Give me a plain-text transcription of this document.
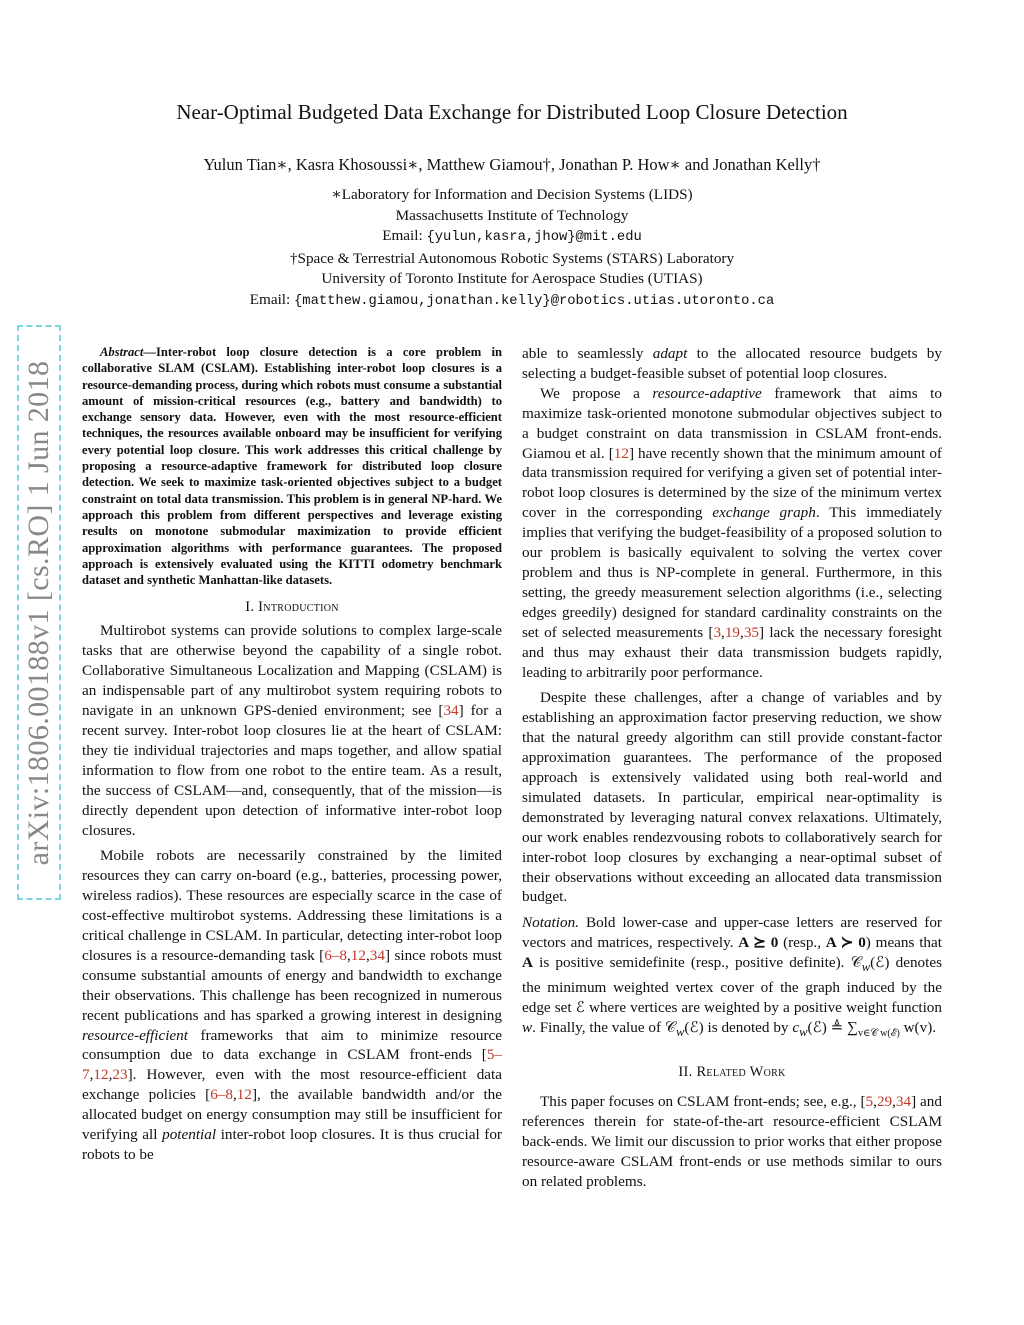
Near-Optimal Budgeted Data Exchange for Distributed Loop Closure Detection
Yulun Tian∗, Kasra Khosoussi∗, Matthew Giamou†, Jonathan P. How∗ and Jonathan Kelly†
∗Laboratory for Information and Decision Systems (LIDS)
Massachusetts Institute of Technology
Email: {yulun,kasra,jhow}@mit.edu
†Space & Terrestrial Autonomous Robotic Systems (STARS) Laboratory
University of Toronto Institute for Aerospace Studies (UTIAS)
Email: {matthew.giamou,jonathan.kelly}@robotics.utias.utoronto.ca
arXiv:1806.00188v1 [cs.RO] 1 Jun 2018

Abstract—Inter-robot loop closure detection is a core problem in collaborative SLAM (CSLAM). Establishing inter-robot loop closures is a resource-demanding process, during which robots must consume a substantial amount of mission-critical resources (e.g., battery and bandwidth) to exchange sensory data. However, even with the most resource-efficient techniques, the resources available onboard may be insufficient for verifying every potential loop closure. This work addresses this critical challenge by proposing a resource-adaptive framework for distributed loop closure detection. We seek to maximize task-oriented objectives subject to a budget constraint on total data transmission. This problem is in general NP-hard. We approach this problem from different perspectives and leverage existing results on monotone submodular maximization to provide efficient approximation algorithms with performance guarantees. The proposed approach is extensively evaluated using the KITTI odometry benchmark dataset and synthetic Manhattan-like datasets.

I. Introduction

Multirobot systems can provide solutions to complex large-scale tasks that are otherwise beyond the capability of a single robot. Collaborative Simultaneous Localization and Mapping (CSLAM) is an indispensable part of any multirobot system requiring robots to navigate in an unknown GPS-denied environment; see [34] for a recent survey. Inter-robot loop closures lie at the heart of CSLAM: they tie individual trajectories and maps together, and allow spatial information to flow from one robot to the entire team. As a result, the success of CSLAM—and, consequently, that of the mission—is directly dependent upon detection of informative inter-robot loop closures.

Mobile robots are necessarily constrained by the limited resources they can carry on-board (e.g., batteries, processing power, wireless radios). These resources are especially scarce in the case of cost-effective multirobot systems. Addressing these limitations is a critical challenge in CSLAM. In particular, detecting inter-robot loop closures is a resource-demanding task [6–8,12,34] since robots must consume substantial amounts of energy and bandwidth to exchange their observations. This challenge has been recognized in numerous recent publications and has sparked a growing interest in designing resource-efficient frameworks that aim to minimize resource consumption due to data exchange in CSLAM front-ends [5–7,12,23]. However, even with the most resource-efficient data exchange policies [6–8,12], the available bandwidth and/or the allocated budget on energy consumption may still be insufficient for verifying all potential inter-robot loop closures. It is thus crucial for robots to be

able to seamlessly adapt to the allocated resource budgets by selecting a budget-feasible subset of potential loop closures.

We propose a resource-adaptive framework that aims to maximize task-oriented monotone submodular objectives subject to a budget constraint on data transmission in CSLAM front-ends. Giamou et al. [12] have recently shown that the minimum amount of data transmission required for verifying a given set of potential inter-robot loop closures is determined by the size of the minimum vertex cover in the corresponding exchange graph. This immediately implies that verifying the budget-feasibility of a proposed solution to our problem is basically equivalent to solving the vertex cover problem and thus is NP-complete in general. Furthermore, in this setting, the greedy measurement selection algorithms (i.e., selecting edges greedily) designed for standard cardinality constraints on the set of selected measurements [3,19,35] lack the necessary foresight and thus may exhaust their data transmission budgets rapidly, leading to arbitrarily poor performance.

Despite these challenges, after a change of variables and by establishing an approximation factor preserving reduction, we show that the natural greedy algorithm can still provide constant-factor approximation guarantees. The performance of the proposed approach is extensively validated using both real-world and simulated datasets. In particular, empirical near-optimality is demonstrated by leveraging natural convex relaxations. Ultimately, our work enables rendezvousing robots to collaboratively search for inter-robot loop closures by exchanging a near-optimal subset of their observations without exceeding an allocated data transmission budget.

Notation. Bold lower-case and upper-case letters are reserved for vectors and matrices, respectively. A ⪰ 0 (resp., A ≻ 0) means that A is positive semidefinite (resp., positive definite). 𝒞$_w$(ℰ) denotes the minimum weighted vertex cover of the graph induced by the edge set ℰ where vertices are weighted by a positive weight function w. Finally, the value of 𝒞$_w$(ℰ) is denoted by $c_w(ℰ)$ ≜ $\sum_{v\in 𝒞 w(ℰ)}$ w(v).

II. Related Work

This paper focuses on CSLAM front-ends; see, e.g., [5,29,34] and references therein for state-of-the-art resource-efficient CSLAM back-ends. We limit our discussion to prior works that either propose resource-aware CSLAM front-ends or use methods similar to ours on related problems.
